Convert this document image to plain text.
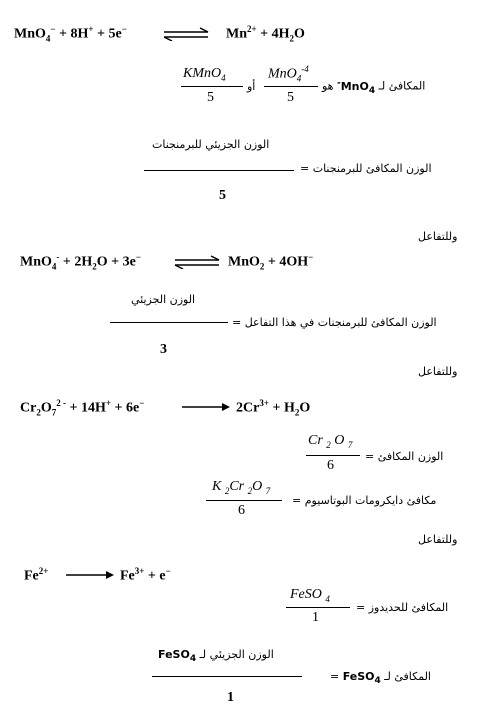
MnO$_4$− + 8H+ + 5e− ⇌ $Mn^{2+} + 4H_2O$
KMnO$_4$
5
أو
MnO$_4^{-4}$
5
المكافئ لـ MnO$_4$- هو
الوزن الجزيئي للبرمنجنات
الوزن المكافئ للبرمنجنات =
5
وللتفاعل
$MnO_4^- + 2H_2O + 3e^-$ ⇌ MnO$_2$ + 4OH−
الوزن الجزيئي
الوزن المكافئ للبرمنجنات في هذا التفاعل =
3
وللتفاعل
$Cr_2O_7^{2 -} + 14H^+ + 6e^- \to 2Cr^{3+} + H_2O$
Cr $_2$ O $_7$
6
الوزن المكافئ =
K $_2$Cr $_2$O $_7$
6
مكافئ دايكرومات البوتاسيوم =
وللتفاعل
$Fe^{2+} \to Fe^{3+} + e^-$
FeSO $_4$
1
المكافئ للحديدوز =
الوزن الجزيئي لـ FeSO$_4$
المكافئ لـ FeSO$_4$ =
1
